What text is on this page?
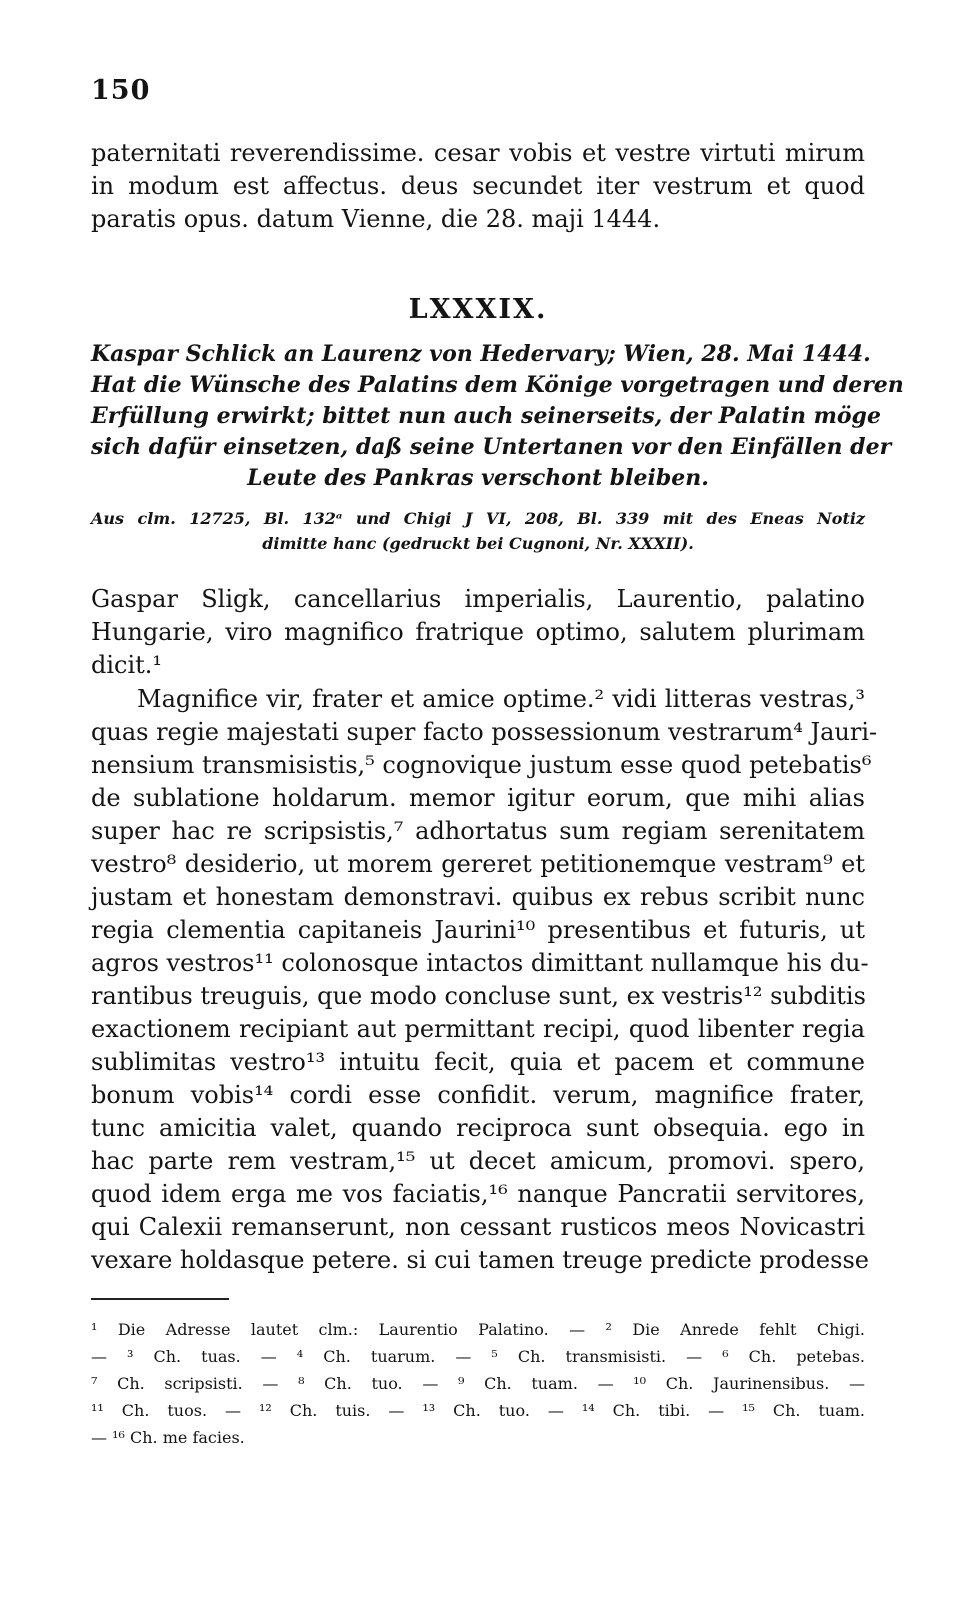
150

paternitati reverendissime. cesar vobis et vestre virtuti mirum
in modum est affectus. deus secundet iter vestrum et quod
paratis opus. datum Vienne, die 28. maji 1444.
LXXXIX.
Kaspar Schlick an Laurenz von Hedervary; Wien, 28. Mai 1444.
Hat die Wünsche des Palatins dem Könige vorgetragen und deren
Erfüllung erwirkt; bittet nun auch seinerseits, der Palatin möge
sich dafür einsetzen, daß seine Untertanen vor den Einfällen der
Leute des Pankras verschont bleiben.
Aus clm. 12725, Bl. 132ᵃ und Chigi J VI, 208, Bl. 339 mit des Eneas Notiz
dimitte hanc (gedruckt bei Cugnoni, Nr. XXXII).
Gaspar Sligk, cancellarius imperialis, Laurentio, palatino
Hungarie, viro magnifico fratrique optimo, salutem plurimam
dicit.¹
Magnifice vir, frater et amice optime.² vidi litteras vestras,³
quas regie majestati super facto possessionum vestrarum⁴ Jauri-
nensium transmisistis,⁵ cognovique justum esse quod petebatis⁶
de sublatione holdarum. memor igitur eorum, que mihi alias
super hac re scripsistis,⁷ adhortatus sum regiam serenitatem
vestro⁸ desiderio, ut morem gereret petitionemque vestram⁹ et
justam et honestam demonstravi. quibus ex rebus scribit nunc
regia clementia capitaneis Jaurini¹⁰ presentibus et futuris, ut
agros vestros¹¹ colonosque intactos dimittant nullamque his du-
rantibus treuguis, que modo concluse sunt, ex vestris¹² subditis
exactionem recipiant aut permittant recipi, quod libenter regia
sublimitas vestro¹³ intuitu fecit, quia et pacem et commune
bonum vobis¹⁴ cordi esse confidit. verum, magnifice frater,
tunc amicitia valet, quando reciproca sunt obsequia. ego in
hac parte rem vestram,¹⁵ ut decet amicum, promovi. spero,
quod idem erga me vos faciatis,¹⁶ nanque Pancratii servitores,
qui Calexii remanserunt, non cessant rusticos meos Novicastri
vexare holdasque petere. si cui tamen treuge predicte prodesse
¹ Die Adresse lautet clm.: Laurentio Palatino. — ² Die Anrede fehlt Chigi.
— ³ Ch. tuas. — ⁴ Ch. tuarum. — ⁵ Ch. transmisisti. — ⁶ Ch. petebas.
⁷ Ch. scripsisti. — ⁸ Ch. tuo. — ⁹ Ch. tuam. — ¹⁰ Ch. Jaurinensibus. —
¹¹ Ch. tuos. — ¹² Ch. tuis. — ¹³ Ch. tuo. — ¹⁴ Ch. tibi. — ¹⁵ Ch. tuam.
— ¹⁶ Ch. me facies.
